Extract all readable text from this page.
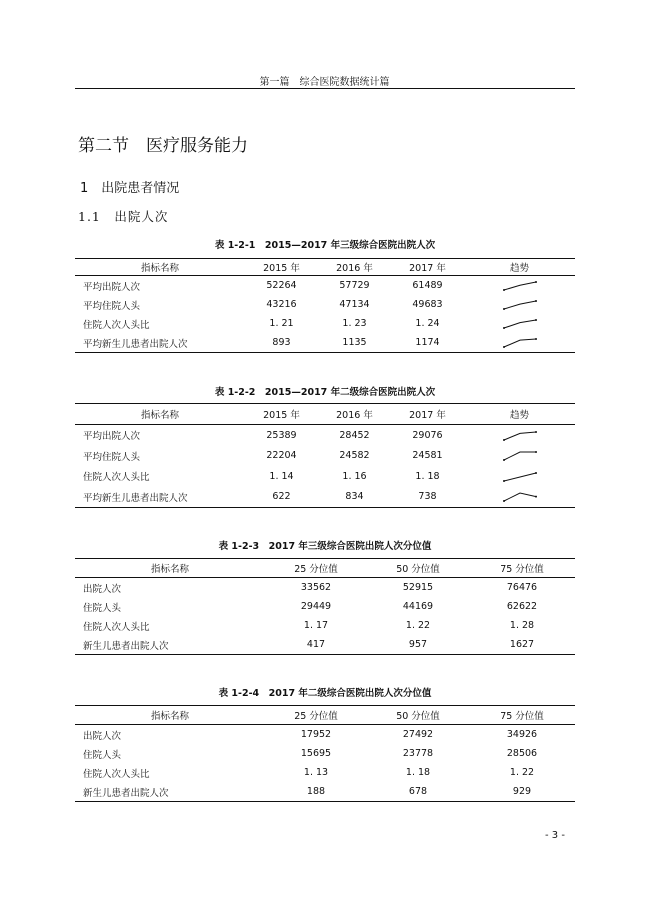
第一篇　综合医院数据统计篇
第二节　医疗服务能力
1　出院患者情况
1.1　出院人次
表 1-2-1　2015—2017 年三级综合医院出院人次
指标名称	2015 年	2016 年	2017 年	趋势
平均出院人次	52264	57729	61489
平均住院人头	43216	47134	49683
住院人次人头比	1. 21	1. 23	1. 24
平均新生儿患者出院人次	893	1135	1174
表 1-2-2　2015—2017 年二级综合医院出院人次
指标名称	2015 年	2016 年	2017 年	趋势
平均出院人次	25389	28452	29076
平均住院人头	22204	24582	24581
住院人次人头比	1. 14	1. 16	1. 18
平均新生儿患者出院人次	622	834	738
表 1-2-3　2017 年三级综合医院出院人次分位值
指标名称	25 分位值	50 分位值	75 分位值
出院人次	33562	52915	76476
住院人头	29449	44169	62622
住院人次人头比	1. 17	1. 22	1. 28
新生儿患者出院人次	417	957	1627
表 1-2-4　2017 年二级综合医院出院人次分位值
指标名称	25 分位值	50 分位值	75 分位值
出院人次	17952	27492	34926
住院人头	15695	23778	28506
住院人次人头比	1. 13	1. 18	1. 22
新生儿患者出院人次	188	678	929
- 3 -
